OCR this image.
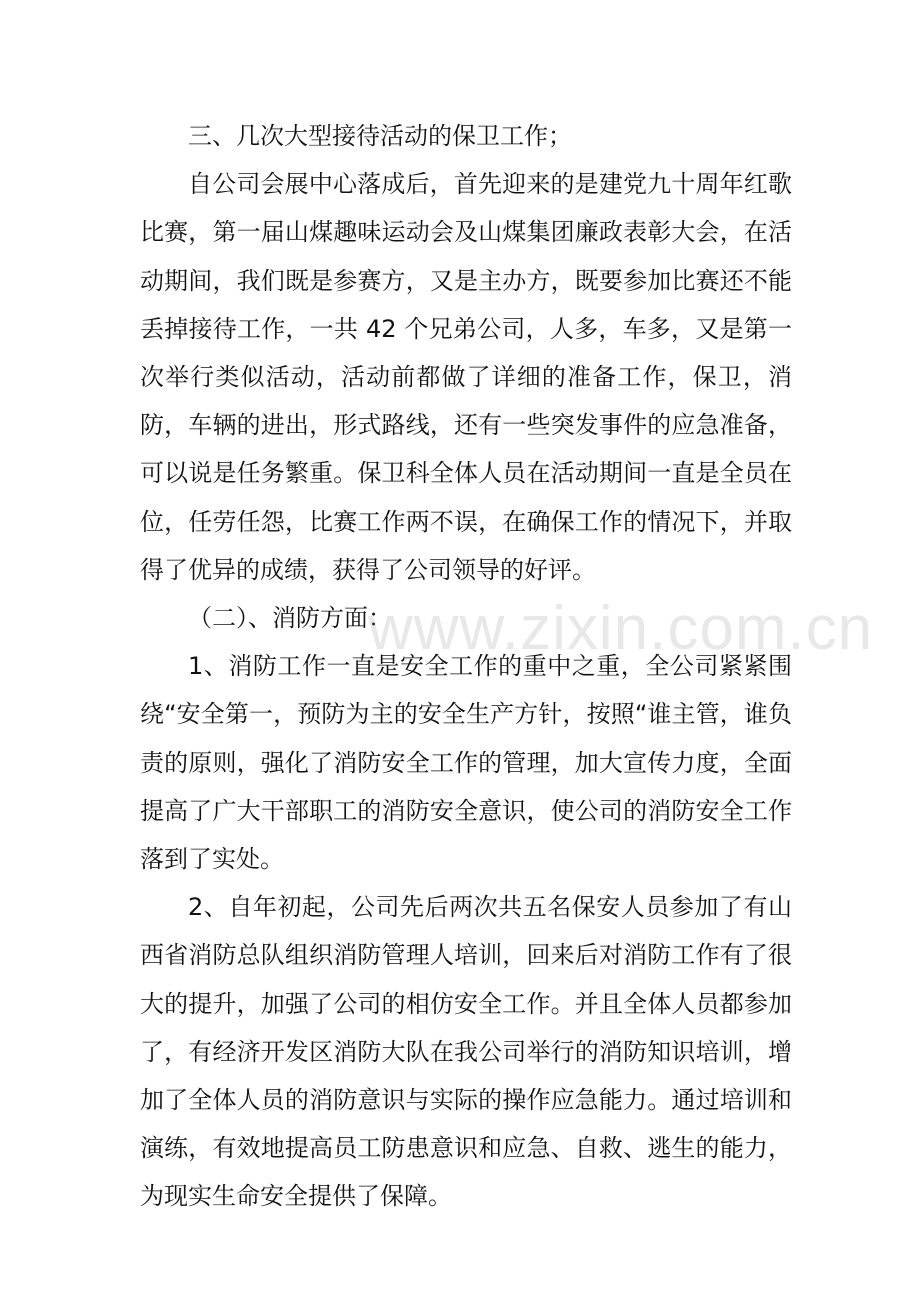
三、几次大型接待活动的保卫工作；

自公司会展中心落成后，首先迎来的是建党九十周年红歌比赛，第一届山煤趣味运动会及山煤集团廉政表彰大会，在活动期间，我们既是参赛方，又是主办方，既要参加比赛还不能丢掉接待工作，一共 42 个兄弟公司，人多，车多，又是第一次举行类似活动，活动前都做了详细的准备工作，保卫，消防，车辆的进出，形式路线，还有一些突发事件的应急准备，可以说是任务繁重。保卫科全体人员在活动期间一直是全员在位，任劳任怨，比赛工作两不误，在确保工作的情况下，并取得了优异的成绩，获得了公司领导的好评。

（二）、消防方面：

1、消防工作一直是安全工作的重中之重，全公司紧紧围绕“安全第一，预防为主的安全生产方针，按照“谁主管，谁负责的原则，强化了消防安全工作的管理，加大宣传力度，全面提高了广大干部职工的消防安全意识，使公司的消防安全工作落到了实处。

2、自年初起，公司先后两次共五名保安人员参加了有山西省消防总队组织消防管理人培训，回来后对消防工作有了很大的提升，加强了公司的相仿安全工作。并且全体人员都参加了，有经济开发区消防大队在我公司举行的消防知识培训，增加了全体人员的消防意识与实际的操作应急能力。通过培训和演练，有效地提高员工防患意识和应急、自救、逃生的能力，为现实生命安全提供了保障。

www.zixin.com.cn
